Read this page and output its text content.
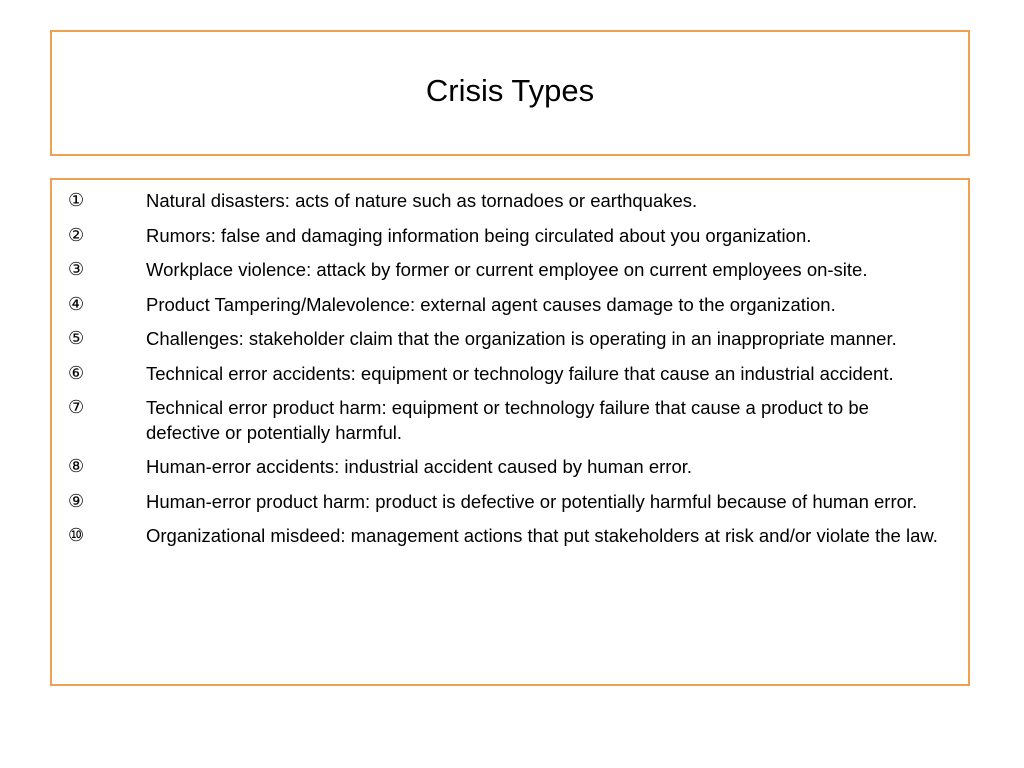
Crisis Types
①	Natural disasters: acts of nature such as tornadoes or earthquakes.
②	Rumors: false and damaging information being circulated about you organization.
③	Workplace violence: attack by former or current employee on current employees on-site.
④	Product Tampering/Malevolence: external agent causes damage to the organization.
⑤	Challenges: stakeholder claim that the organization is operating in an inappropriate manner.
⑥	Technical error accidents: equipment or technology failure that cause an industrial accident.
⑦	Technical error product harm: equipment or technology failure that cause a product to be defective or potentially harmful.
⑧	Human-error accidents: industrial accident caused by human error.
⑨	Human-error product harm: product is defective or potentially harmful because of human error.
⑩	Organizational misdeed: management actions that put stakeholders at risk and/or violate the law.
